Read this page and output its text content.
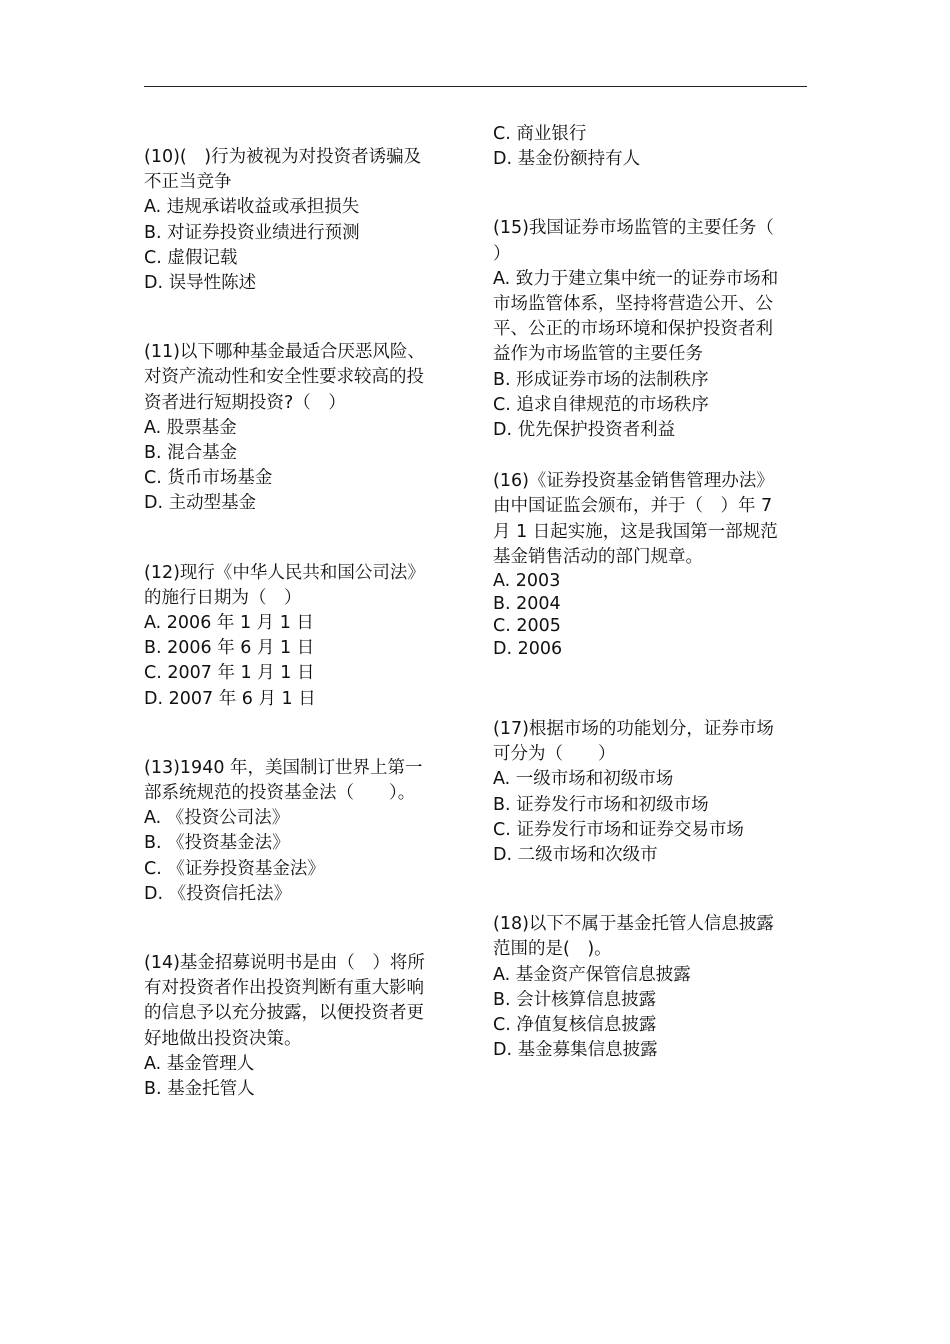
(10)(　)行为被视为对投资者诱骗及
不正当竞争
A. 违规承诺收益或承担损失
B. 对证券投资业绩进行预测
C. 虚假记载
D. 误导性陈述
(11)以下哪种基金最适合厌恶风险、
对资产流动性和安全性要求较高的投
资者进行短期投资?（　）
A. 股票基金
B. 混合基金
C. 货币市场基金
D. 主动型基金
(12)现行《中华人民共和国公司法》
的施行日期为（　）
A. 2006 年 1 月 1 日
B. 2006 年 6 月 1 日
C. 2007 年 1 月 1 日
D. 2007 年 6 月 1 日
(13)1940 年，美国制订世界上第一
部系统规范的投资基金法（　　）。
A. 《投资公司法》
B. 《投资基金法》
C. 《证券投资基金法》
D. 《投资信托法》
(14)基金招募说明书是由（　）将所
有对投资者作出投资判断有重大影响
的信息予以充分披露，以便投资者更
好地做出投资决策。
A. 基金管理人
B. 基金托管人
C. 商业银行
D. 基金份额持有人
(15)我国证券市场监管的主要任务（
）
A. 致力于建立集中统一的证券市场和
市场监管体系，坚持将营造公开、公
平、公正的市场环境和保护投资者利
益作为市场监管的主要任务
B. 形成证券市场的法制秩序
C. 追求自律规范的市场秩序
D. 优先保护投资者利益
(16)《证券投资基金销售管理办法》
由中国证监会颁布，并于（　）年 7
月 1 日起实施，这是我国第一部规范
基金销售活动的部门规章。
A. 2003
B. 2004
C. 2005
D. 2006
(17)根据市场的功能划分，证券市场
可分为（　　）
A. 一级市场和初级市场
B. 证券发行市场和初级市场
C. 证券发行市场和证券交易市场
D. 二级市场和次级市
(18)以下不属于基金托管人信息披露
范围的是(　)。
A. 基金资产保管信息披露
B. 会计核算信息披露
C. 净值复核信息披露
D. 基金募集信息披露
